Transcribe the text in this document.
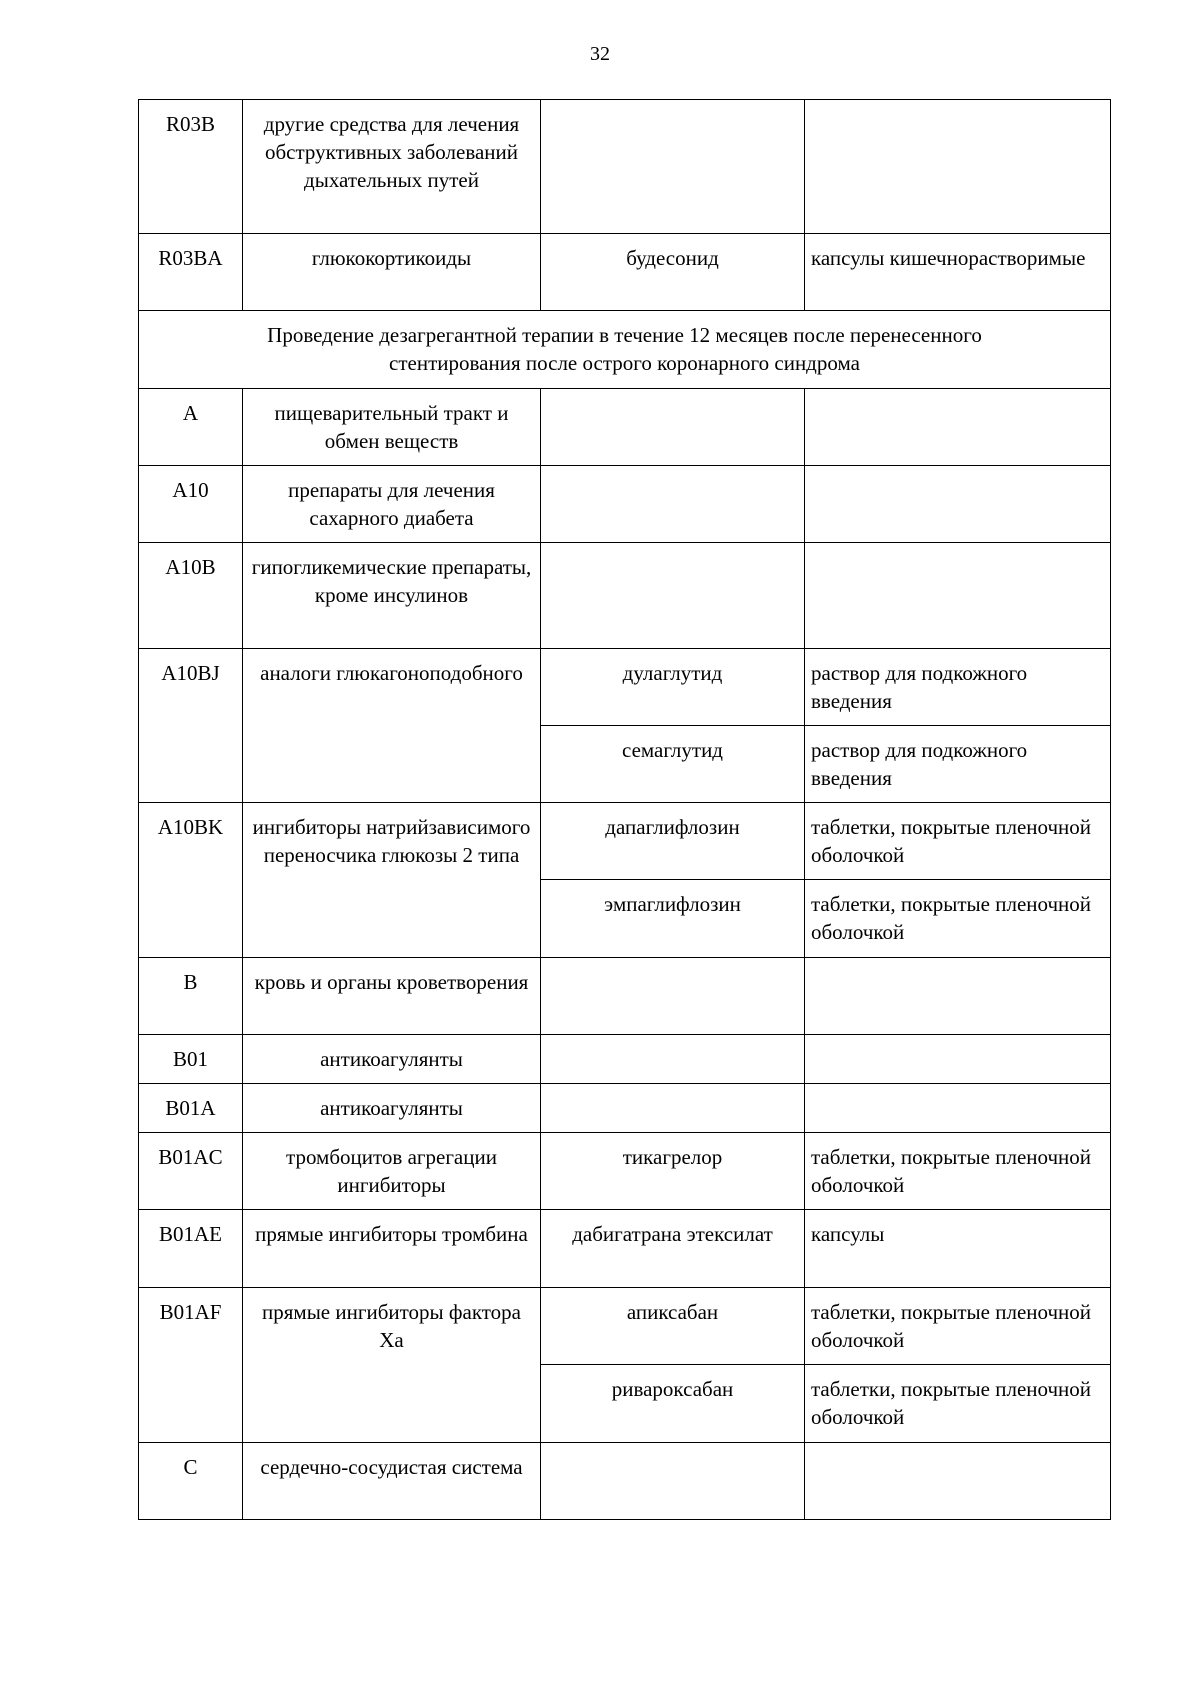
32
R03B	другие средства для лечения обструктивных заболеваний дыхательных путей		
R03BA	глюкокортикоиды	будесонид	капсулы кишечнорастворимые
Проведение дезагрегантной терапии в течение 12 месяцев после перенесенного стентирования после острого коронарного синдрома			
A	пищеварительный тракт и обмен веществ		
A10	препараты для лечения сахарного диабета		
A10B	гипогликемические препараты, кроме инсулинов		
A10BJ	аналоги глюкагоноподобного	дулаглутид	раствор для подкожного введения
		семаглутид	раствор для подкожного введения
A10BK	ингибиторы натрийзависимого переносчика глюкозы 2 типа	дапаглифлозин	таблетки, покрытые пленочной оболочкой
		эмпаглифлозин	таблетки, покрытые пленочной оболочкой
B	кровь и органы кроветворения		
B01	антикоагулянты		
B01A	антикоагулянты		
B01AC	тромбоцитов агрегации ингибиторы	тикагрелор	таблетки, покрытые пленочной оболочкой
B01AE	прямые ингибиторы тромбина	дабигатрана этексилат	капсулы
B01AF	прямые ингибиторы фактора Xa	апиксабан	таблетки, покрытые пленочной оболочкой
		ривароксабан	таблетки, покрытые пленочной оболочкой
C	сердечно-сосудистая система		
